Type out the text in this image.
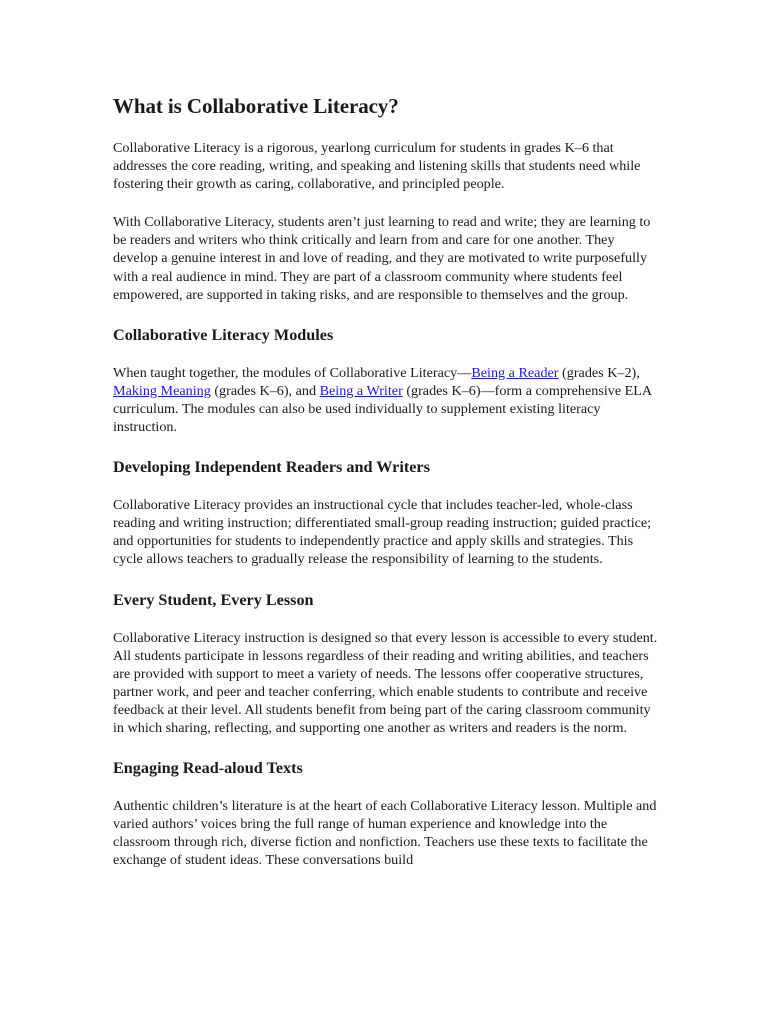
What is Collaborative Literacy?

Collaborative Literacy is a rigorous, yearlong curriculum for students in grades K–6 that addresses the core reading, writing, and speaking and listening skills that students need while fostering their growth as caring, collaborative, and principled people.

With Collaborative Literacy, students aren’t just learning to read and write; they are learning to be readers and writers who think critically and learn from and care for one another. They develop a genuine interest in and love of reading, and they are motivated to write purposefully with a real audience in mind. They are part of a classroom community where students feel empowered, are supported in taking risks, and are responsible to themselves and the group.

Collaborative Literacy Modules

When taught together, the modules of Collaborative Literacy—Being a Reader (grades K–2), Making Meaning (grades K–6), and Being a Writer (grades K–6)—form a comprehensive ELA curriculum. The modules can also be used individually to supplement existing literacy instruction.

Developing Independent Readers and Writers

Collaborative Literacy provides an instructional cycle that includes teacher-led, whole-class reading and writing instruction; differentiated small-group reading instruction; guided practice; and opportunities for students to independently practice and apply skills and strategies. This cycle allows teachers to gradually release the responsibility of learning to the students.

Every Student, Every Lesson

Collaborative Literacy instruction is designed so that every lesson is accessible to every student. All students participate in lessons regardless of their reading and writing abilities, and teachers are provided with support to meet a variety of needs. The lessons offer cooperative structures, partner work, and peer and teacher conferring, which enable students to contribute and receive feedback at their level. All students benefit from being part of the caring classroom community in which sharing, reflecting, and supporting one another as writers and readers is the norm.

Engaging Read-aloud Texts

Authentic children’s literature is at the heart of each Collaborative Literacy lesson. Multiple and varied authors’ voices bring the full range of human experience and knowledge into the classroom through rich, diverse fiction and nonfiction. Teachers use these texts to facilitate the exchange of student ideas. These conversations build
